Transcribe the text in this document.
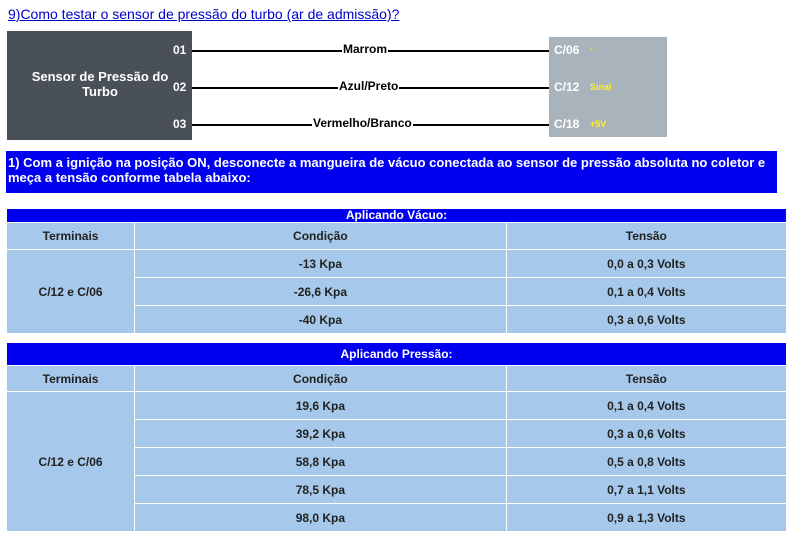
9)Como testar o sensor de pressão do turbo (ar de admissão)?
Sensor de Pressão do Turbo
01
02
03
Marrom
Azul/Preto
Vermelho/Branco
C/06
C/12
C/18
-
Sinal
+5V
1) Com a ignição na posição ON, desconecte a mangueira de vácuo conectada ao sensor de pressão absoluta no coletor e meça a tensão conforme tabela abaixo:
Aplicando Vácuo:		
Terminais	Condição	Tensão
C/12 e C/06	-13 Kpa	0,0 a 0,3 Volts
	-26,6 Kpa	0,1 a 0,4 Volts
	-40 Kpa	0,3 a 0,6 Volts
Aplicando Pressão:		
Terminais	Condição	Tensão
C/12 e C/06	19,6 Kpa	0,1 a 0,4 Volts
	39,2 Kpa	0,3 a 0,6 Volts
	58,8 Kpa	0,5 a 0,8 Volts
	78,5 Kpa	0,7 a 1,1 Volts
	98,0 Kpa	0,9 a 1,3 Volts
